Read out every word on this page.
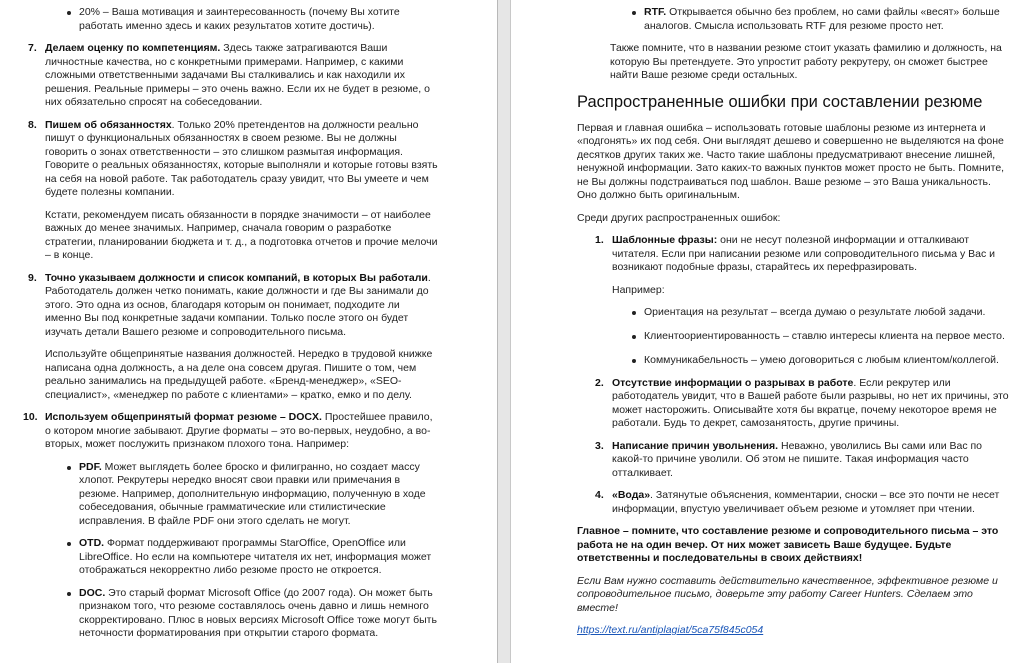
20% – Ваша мотивация и заинтересованность (почему Вы хотите работать именно здесь и каких результатов хотите достичь).
7. Делаем оценку по компетенциям. Здесь также затрагиваются Ваши личностные качества, но с конкретными примерами. Например, с какими сложными ответственными задачами Вы сталкивались и как находили их решения. Реальные примеры – это очень важно. Если их не будет в резюме, о них обязательно спросят на собеседовании.
8. Пишем об обязанностях. Только 20% претендентов на должности реально пишут о функциональных обязанностях в своем резюме. Вы не должны говорить о зонах ответственности – это слишком размытая информация. Говорите о реальных обязанностях, которые выполняли и которые готовы взять на себя на новой работе. Так работодатель сразу увидит, что Вы умеете и чем будете полезны компании.

Кстати, рекомендуем писать обязанности в порядке значимости – от наиболее важных до менее значимых. Например, сначала говорим о разработке стратегии, планировании бюджета и т. д., а подготовка отчетов и прочие мелочи – в конце.

9. Точно указываем должности и список компаний, в которых Вы работали. Работодатель должен четко понимать, какие должности и где Вы занимали до этого. Это одна из основ, благодаря которым он понимает, подходите ли именно Вы под конкретные задачи компании. Только после этого он будет изучать детали Вашего резюме и сопроводительного письма.

Используйте общепринятые названия должностей. Нередко в трудовой книжке написана одна должность, а на деле она совсем другая. Пишите о том, чем реально занимались на предыдущей работе. «Бренд-менеджер», «SEO-специалист», «менеджер по работе с клиентами» – кратко, емко и по делу.

10. Используем общепринятый формат резюме – DOCX. Простейшее правило, о котором многие забывают. Другие форматы – это во-первых, неудобно, а во-вторых, может послужить признаком плохого тона. Например:
PDF. Может выглядеть более броско и филигранно, но создает массу хлопот. Рекрутеры нередко вносят свои правки или примечания в резюме. Например, дополнительную информацию, полученную в ходе собеседования, обычные грамматические или стилистические исправления. В файле PDF они этого сделать не могут.
OTD. Формат поддерживают программы StarOffice, OpenOffice или LibreOffice. Но если на компьютере читателя их нет, информация может отображаться некорректно либо резюме просто не откроется.
DOC. Это старый формат Microsoft Office (до 2007 года). Он может быть признаком того, что резюме составлялось очень давно и лишь немного скорректировано. Плюс в новых версиях Microsoft Office тоже могут быть неточности форматирования при открытии старого формата.
RTF. Открывается обычно без проблем, но сами файлы «весят» больше аналогов. Смысла использовать RTF для резюме просто нет.

Также помните, что в названии резюме стоит указать фамилию и должность, на которую Вы претендуете. Это упростит работу рекрутеру, он сможет быстрее найти Ваше резюме среди остальных.

Распространенные ошибки при составлении резюме

Первая и главная ошибка – использовать готовые шаблоны резюме из интернета и «подгонять» их под себя. Они выглядят дешево и совершенно не выделяются на фоне десятков других таких же. Часто такие шаблоны предусматривают внесение лишней, ненужной информации. Зато каких-то важных пунктов может просто не быть. Помните, не Вы должны подстраиваться под шаблон. Ваше резюме – это Ваша уникальность. Оно должно быть оригинальным.

Среди других распространенных ошибок:

1. Шаблонные фразы: они не несут полезной информации и отталкивают читателя. Если при написании резюме или сопроводительного письма у Вас и возникают подобные фразы, старайтесь их перефразировать.

Например:

Ориентация на результат – всегда думаю о результате любой задачи.
Клиентоориентированность – ставлю интересы клиента на первое место.
Коммуникабельность – умею договориться с любым клиентом/коллегой.
2. Отсутствие информации о разрывах в работе. Если рекрутер или работодатель увидит, что в Вашей работе были разрывы, но нет их причины, это может насторожить. Описывайте хотя бы вкратце, почему некоторое время не работали. Будь то декрет, самозанятость, другие причины.
3. Написание причин увольнения. Неважно, уволились Вы сами или Вас по какой-то причине уволили. Об этом не пишите. Такая информация часто отталкивает.
4. «Вода». Затянутые объяснения, комментарии, сноски – все это почти не несет информации, впустую увеличивает объем резюме и утомляет при чтении.

Главное – помните, что составление резюме и сопроводительного письма – это работа не на один вечер. От них может зависеть Ваше будущее. Будьте ответственны и последовательны в своих действиях!

Если Вам нужно составить действительно качественное, эффективное резюме и сопроводительное письмо, доверьте эту работу Career Hunters. Сделаем это вместе!

https://text.ru/antiplagiat/5ca75f845c054
